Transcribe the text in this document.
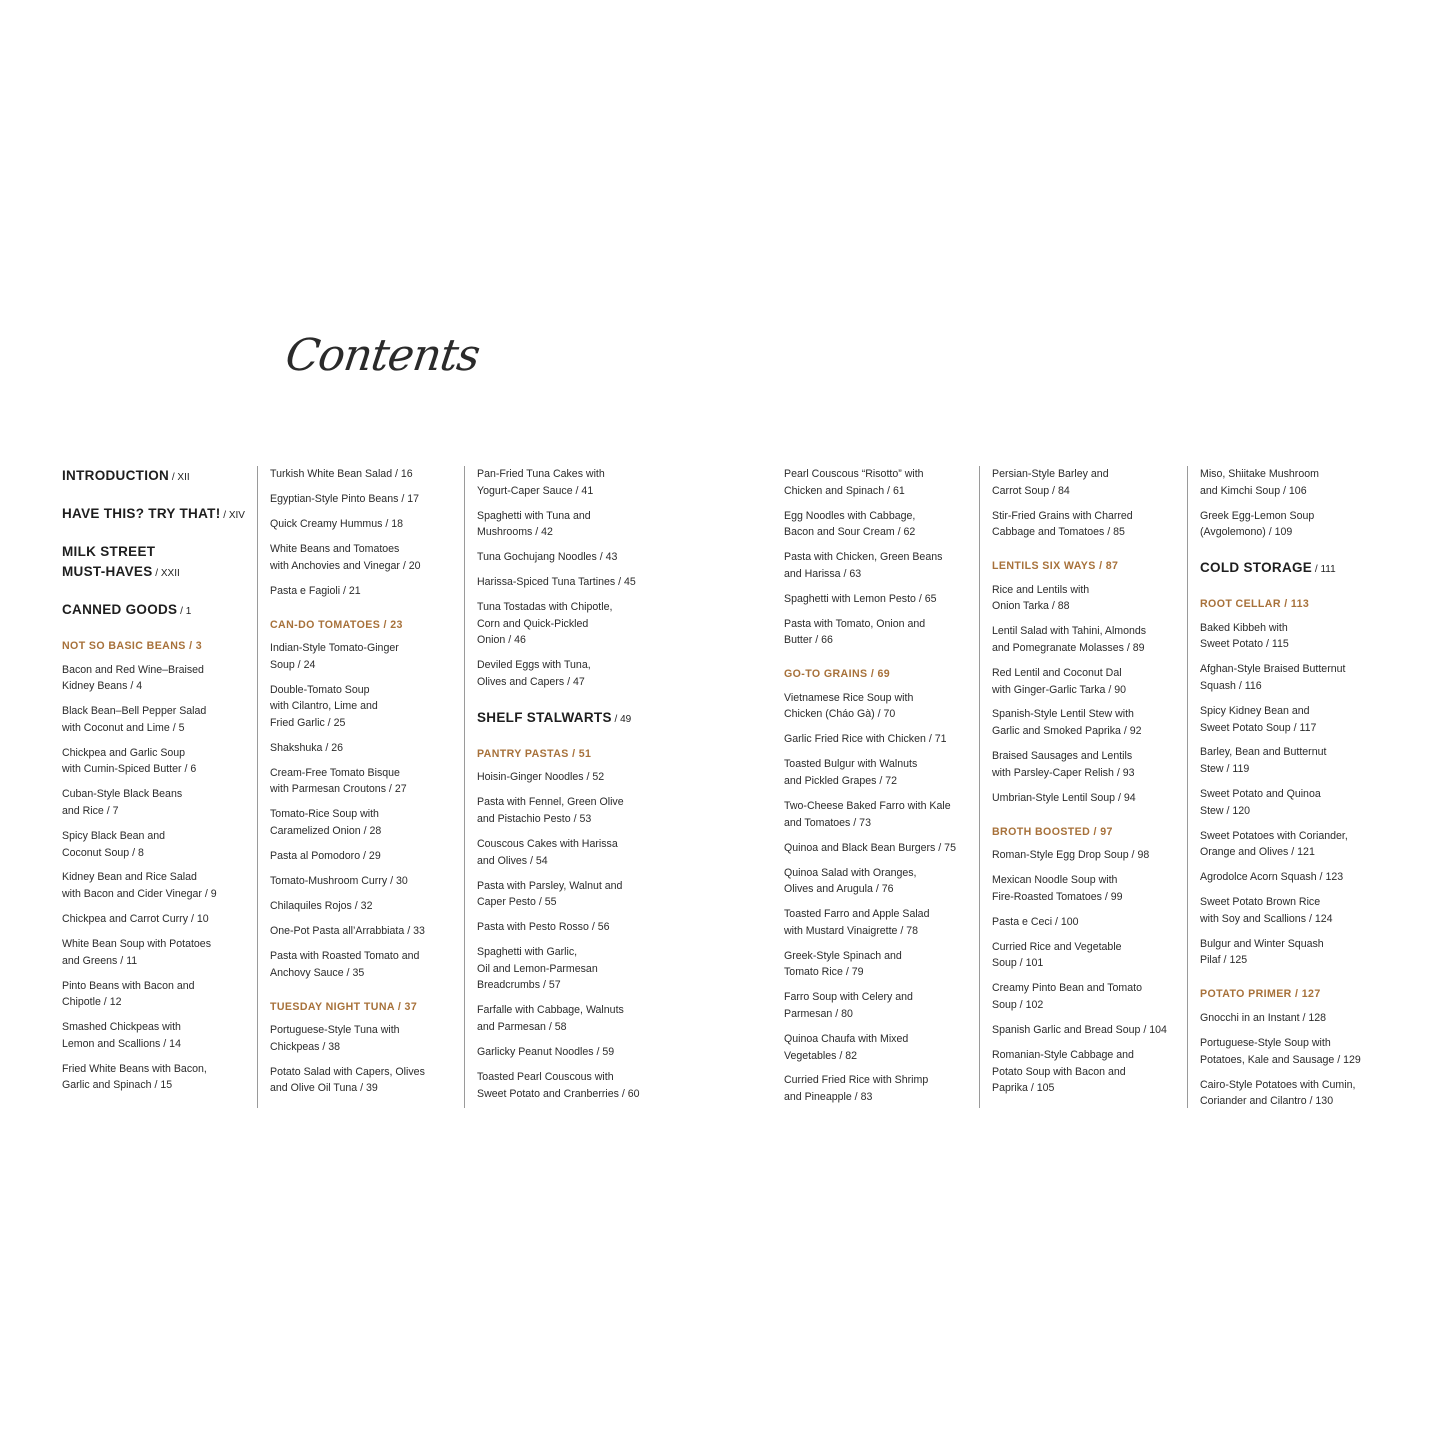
Contents
INTRODUCTION / XII
HAVE THIS? TRY THAT! / XIV
MILK STREET
MUST-HAVES / XXII
CANNED GOODS / 1
NOT SO BASIC BEANS / 3
Bacon and Red Wine–Braised
Kidney Beans / 4
Black Bean–Bell Pepper Salad
with Coconut and Lime / 5
Chickpea and Garlic Soup
with Cumin-Spiced Butter / 6
Cuban-Style Black Beans
and Rice / 7
Spicy Black Bean and
Coconut Soup / 8
Kidney Bean and Rice Salad
with Bacon and Cider Vinegar / 9
Chickpea and Carrot Curry / 10
White Bean Soup with Potatoes
and Greens / 11
Pinto Beans with Bacon and
Chipotle / 12
Smashed Chickpeas with
Lemon and Scallions / 14
Fried White Beans with Bacon,
Garlic and Spinach / 15
Turkish White Bean Salad / 16
Egyptian-Style Pinto Beans / 17
Quick Creamy Hummus / 18
White Beans and Tomatoes
with Anchovies and Vinegar / 20
Pasta e Fagioli / 21
CAN-DO TOMATOES / 23
Indian-Style Tomato-Ginger
Soup / 24
Double-Tomato Soup
with Cilantro, Lime and
Fried Garlic / 25
Shakshuka / 26
Cream-Free Tomato Bisque
with Parmesan Croutons / 27
Tomato-Rice Soup with
Caramelized Onion / 28
Pasta al Pomodoro / 29
Tomato-Mushroom Curry / 30
Chilaquiles Rojos / 32
One-Pot Pasta all’Arrabbiata / 33
Pasta with Roasted Tomato and
Anchovy Sauce / 35
TUESDAY NIGHT TUNA / 37
Portuguese-Style Tuna with
Chickpeas / 38
Potato Salad with Capers, Olives
and Olive Oil Tuna / 39
Pan-Fried Tuna Cakes with
Yogurt-Caper Sauce / 41
Spaghetti with Tuna and
Mushrooms / 42
Tuna Gochujang Noodles / 43
Harissa-Spiced Tuna Tartines / 45
Tuna Tostadas with Chipotle,
Corn and Quick-Pickled
Onion / 46
Deviled Eggs with Tuna,
Olives and Capers / 47
SHELF STALWARTS / 49
PANTRY PASTAS / 51
Hoisin-Ginger Noodles / 52
Pasta with Fennel, Green Olive
and Pistachio Pesto / 53
Couscous Cakes with Harissa
and Olives / 54
Pasta with Parsley, Walnut and
Caper Pesto / 55
Pasta with Pesto Rosso / 56
Spaghetti with Garlic,
Oil and Lemon-Parmesan
Breadcrumbs / 57
Farfalle with Cabbage, Walnuts
and Parmesan / 58
Garlicky Peanut Noodles / 59
Toasted Pearl Couscous with
Sweet Potato and Cranberries / 60
Pearl Couscous “Risotto” with
Chicken and Spinach / 61
Egg Noodles with Cabbage,
Bacon and Sour Cream / 62
Pasta with Chicken, Green Beans
and Harissa / 63
Spaghetti with Lemon Pesto / 65
Pasta with Tomato, Onion and
Butter / 66
GO-TO GRAINS / 69
Vietnamese Rice Soup with
Chicken (Cháo Gà) / 70
Garlic Fried Rice with Chicken / 71
Toasted Bulgur with Walnuts
and Pickled Grapes / 72
Two-Cheese Baked Farro with Kale
and Tomatoes / 73
Quinoa and Black Bean Burgers / 75
Quinoa Salad with Oranges,
Olives and Arugula / 76
Toasted Farro and Apple Salad
with Mustard Vinaigrette / 78
Greek-Style Spinach and
Tomato Rice / 79
Farro Soup with Celery and
Parmesan / 80
Quinoa Chaufa with Mixed
Vegetables / 82
Curried Fried Rice with Shrimp
and Pineapple / 83
Persian-Style Barley and
Carrot Soup / 84
Stir-Fried Grains with Charred
Cabbage and Tomatoes / 85
LENTILS SIX WAYS / 87
Rice and Lentils with
Onion Tarka / 88
Lentil Salad with Tahini, Almonds
and Pomegranate Molasses / 89
Red Lentil and Coconut Dal
with Ginger-Garlic Tarka / 90
Spanish-Style Lentil Stew with
Garlic and Smoked Paprika / 92
Braised Sausages and Lentils
with Parsley-Caper Relish / 93
Umbrian-Style Lentil Soup / 94
BROTH BOOSTED / 97
Roman-Style Egg Drop Soup / 98
Mexican Noodle Soup with
Fire-Roasted Tomatoes / 99
Pasta e Ceci / 100
Curried Rice and Vegetable
Soup / 101
Creamy Pinto Bean and Tomato
Soup / 102
Spanish Garlic and Bread Soup / 104
Romanian-Style Cabbage and
Potato Soup with Bacon and
Paprika / 105
Miso, Shiitake Mushroom
and Kimchi Soup / 106
Greek Egg-Lemon Soup
(Avgolemono) / 109
COLD STORAGE / 111
ROOT CELLAR / 113
Baked Kibbeh with
Sweet Potato / 115
Afghan-Style Braised Butternut
Squash / 116
Spicy Kidney Bean and
Sweet Potato Soup / 117
Barley, Bean and Butternut
Stew / 119
Sweet Potato and Quinoa
Stew / 120
Sweet Potatoes with Coriander,
Orange and Olives / 121
Agrodolce Acorn Squash / 123
Sweet Potato Brown Rice
with Soy and Scallions / 124
Bulgur and Winter Squash
Pilaf / 125
POTATO PRIMER / 127
Gnocchi in an Instant / 128
Portuguese-Style Soup with
Potatoes, Kale and Sausage / 129
Cairo-Style Potatoes with Cumin,
Coriander and Cilantro / 130
